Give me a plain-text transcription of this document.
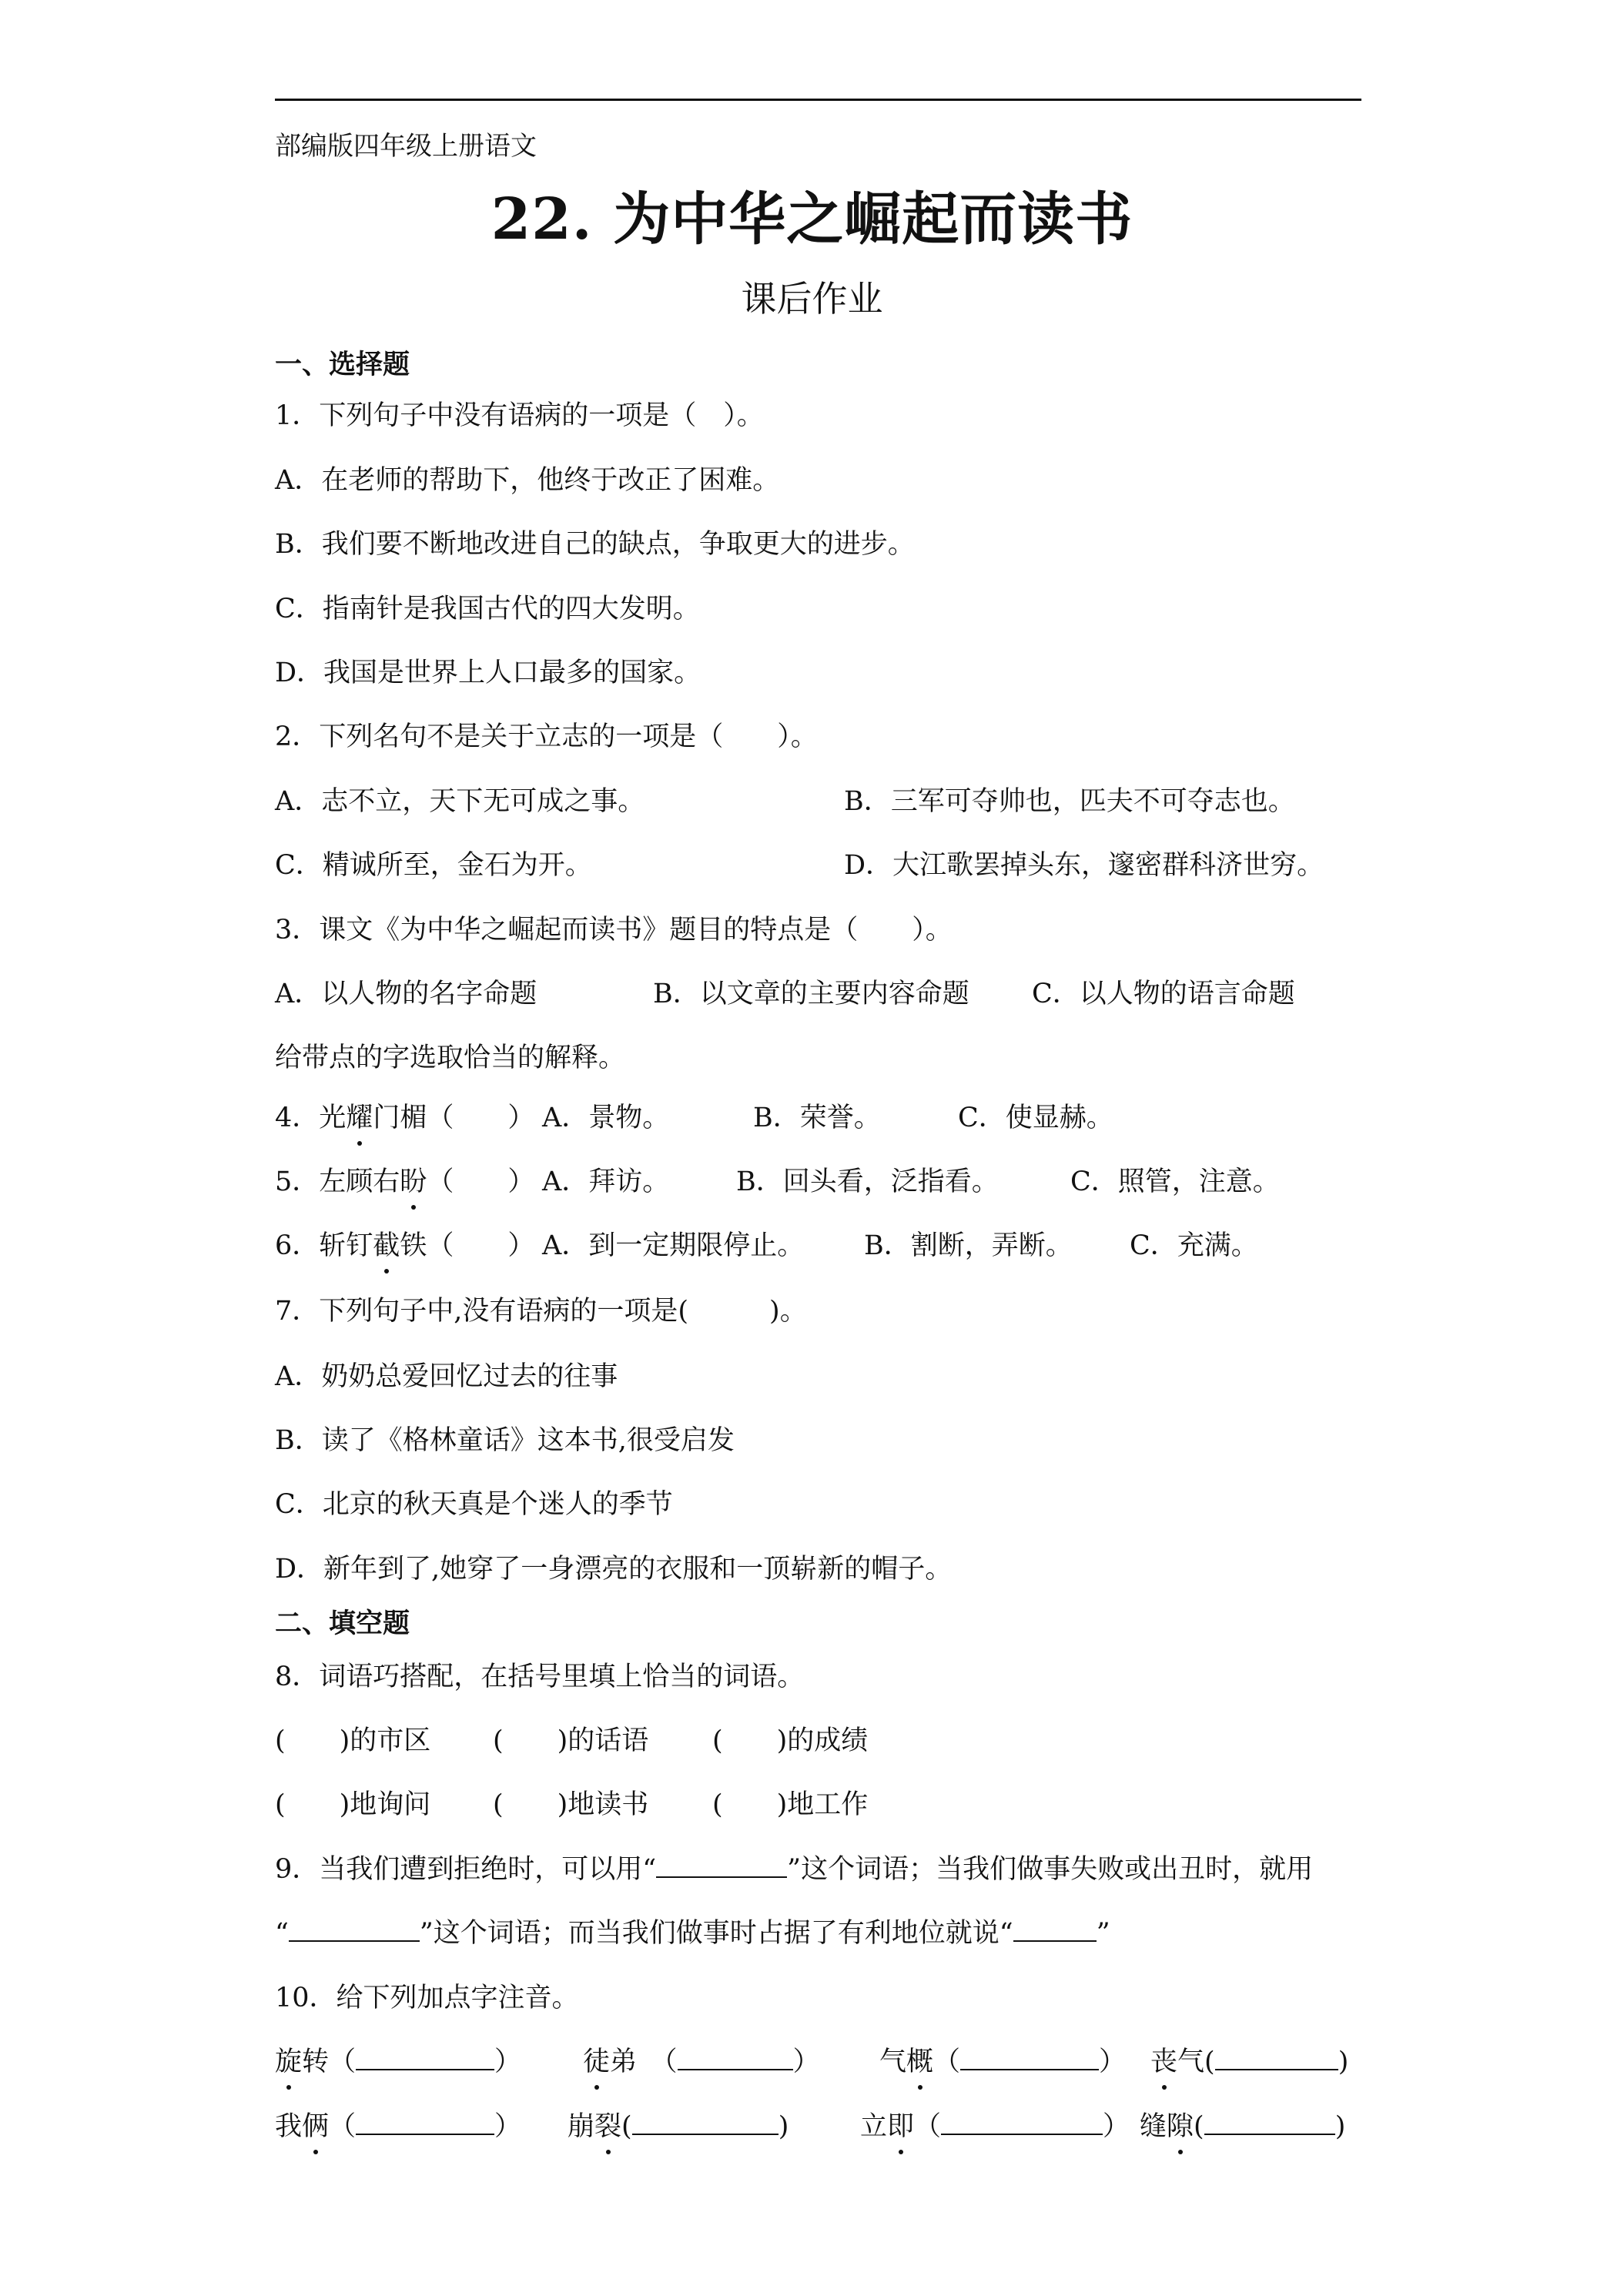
部编版四年级上册语文
22. 为中华之崛起而读书
课后作业
一、选择题
1．下列句子中没有语病的一项是（　）。
A．在老师的帮助下，他终于改正了困难。
B．我们要不断地改进自己的缺点，争取更大的进步。
C．指南针是我国古代的四大发明。
D．我国是世界上人口最多的国家。
2．下列名句不是关于立志的一项是（　　）。
A．志不立，天下无可成之事。	B．三军可夺帅也，匹夫不可夺志也。
C．精诚所至，金石为开。	D．大江歌罢掉头东，邃密群科济世穷。
3．课文《为中华之崛起而读书》题目的特点是（　　）。
A．以人物的名字命题	B．以文章的主要内容命题 C．以人物的语言命题
给带点的字选取恰当的解释。
4．光耀门楣（　　） A．景物。	B．荣誉。	C．使显赫。
5．左顾右盼（　　） A．拜访。 B．回头看，泛指看。	C．照管，注意。
6．斩钉截铁（　　） A．到一定期限停止。 B．割断，弄断。 C．充满。
7．下列句子中,没有语病的一项是(　　　)。
A．奶奶总爱回忆过去的往事
B．读了《格林童话》这本书,很受启发
C．北京的秋天真是个迷人的季节
D．新年到了,她穿了一身漂亮的衣服和一顶崭新的帽子。
二、填空题
8．词语巧搭配，在括号里填上恰当的词语。
(　　)的市区 (　　)的话语 (　　)的成绩
(　　)地询问 (　　)地读书 (　　)地工作
9．当我们遭到拒绝时，可以用“	”这个词语；当我们做事失败或出丑时，就用
“	”这个词语；而当我们做事时占据了有利地位就说“	”
10．给下列加点字注音。
旋转（	） 徒弟　 （	） 气概（	） 丧气(	)
我俩（	） 崩裂(	)	立即（	） 缝隙(	)
